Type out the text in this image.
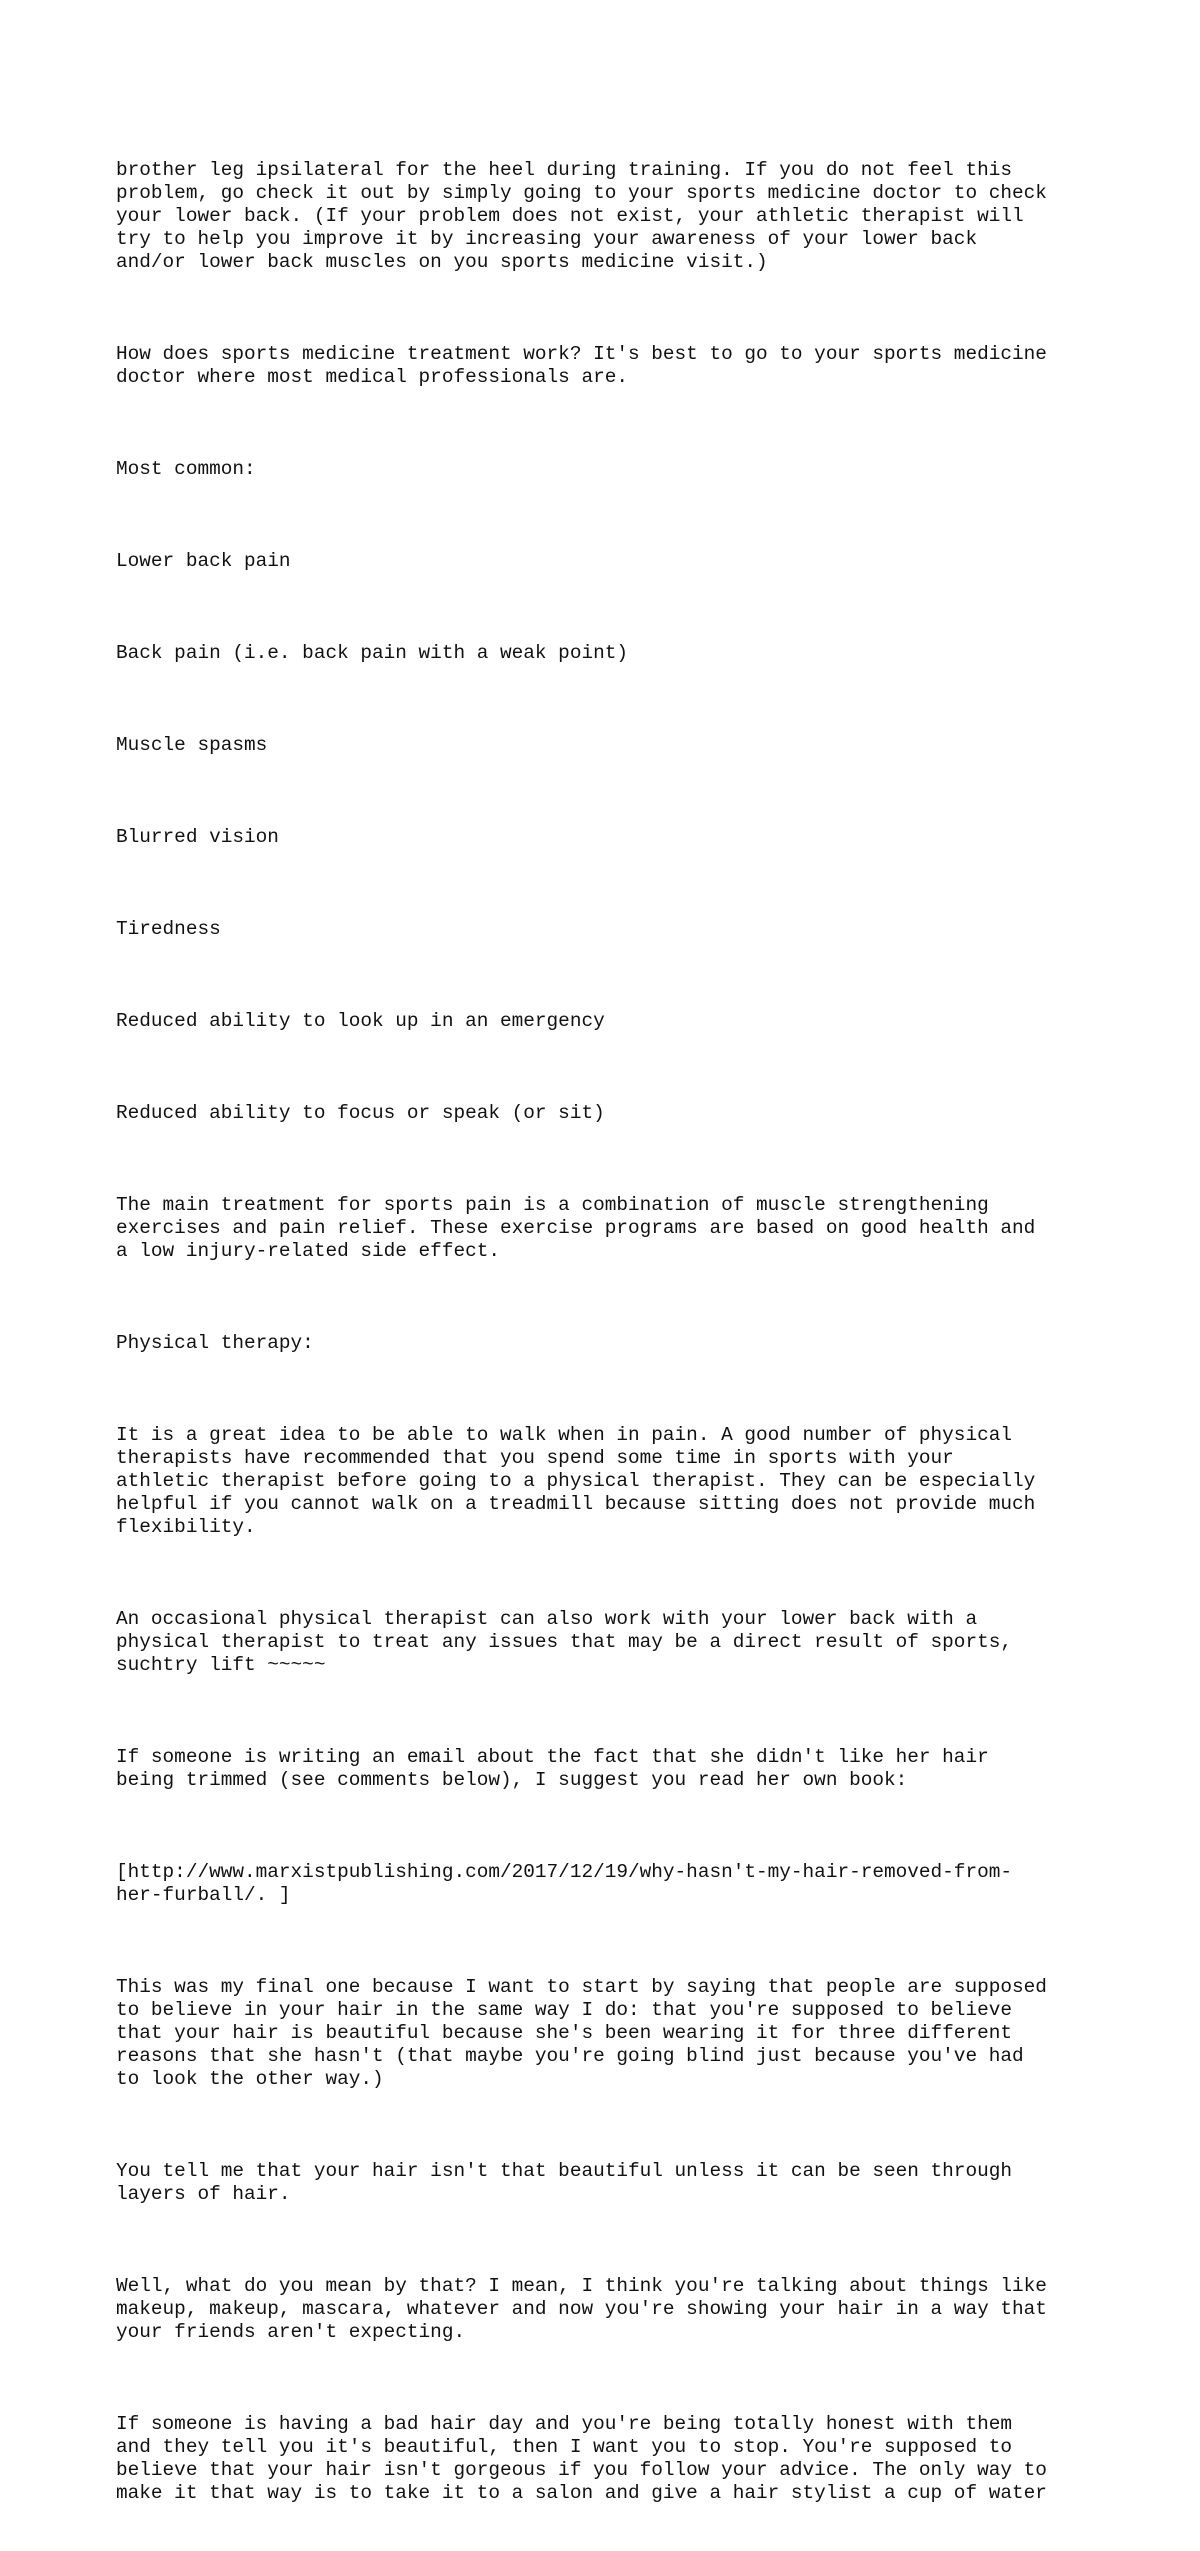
brother leg ipsilateral for the heel during training. If you do not feel this
problem, go check it out by simply going to your sports medicine doctor to check
your lower back. (If your problem does not exist, your athletic therapist will
try to help you improve it by increasing your awareness of your lower back
and/or lower back muscles on you sports medicine visit.)

How does sports medicine treatment work? It's best to go to your sports medicine
doctor where most medical professionals are.

Most common:

Lower back pain

Back pain (i.e. back pain with a weak point)

Muscle spasms

Blurred vision

Tiredness

Reduced ability to look up in an emergency

Reduced ability to focus or speak (or sit)

The main treatment for sports pain is a combination of muscle strengthening
exercises and pain relief. These exercise programs are based on good health and
a low injury-related side effect.

Physical therapy:

It is a great idea to be able to walk when in pain. A good number of physical
therapists have recommended that you spend some time in sports with your
athletic therapist before going to a physical therapist. They can be especially
helpful if you cannot walk on a treadmill because sitting does not provide much
flexibility.

An occasional physical therapist can also work with your lower back with a
physical therapist to treat any issues that may be a direct result of sports,
suchtry lift ~~~~~

If someone is writing an email about the fact that she didn't like her hair
being trimmed (see comments below), I suggest you read her own book:

[http://www.marxistpublishing.com/2017/12/19/why-hasn't-my-hair-removed-from-
her-furball/. ]

This was my final one because I want to start by saying that people are supposed
to believe in your hair in the same way I do: that you're supposed to believe
that your hair is beautiful because she's been wearing it for three different
reasons that she hasn't (that maybe you're going blind just because you've had
to look the other way.)

You tell me that your hair isn't that beautiful unless it can be seen through
layers of hair.

Well, what do you mean by that? I mean, I think you're talking about things like
makeup, makeup, mascara, whatever and now you're showing your hair in a way that
your friends aren't expecting.

If someone is having a bad hair day and you're being totally honest with them
and they tell you it's beautiful, then I want you to stop. You're supposed to
believe that your hair isn't gorgeous if you follow your advice. The only way to
make it that way is to take it to a salon and give a hair stylist a cup of water
